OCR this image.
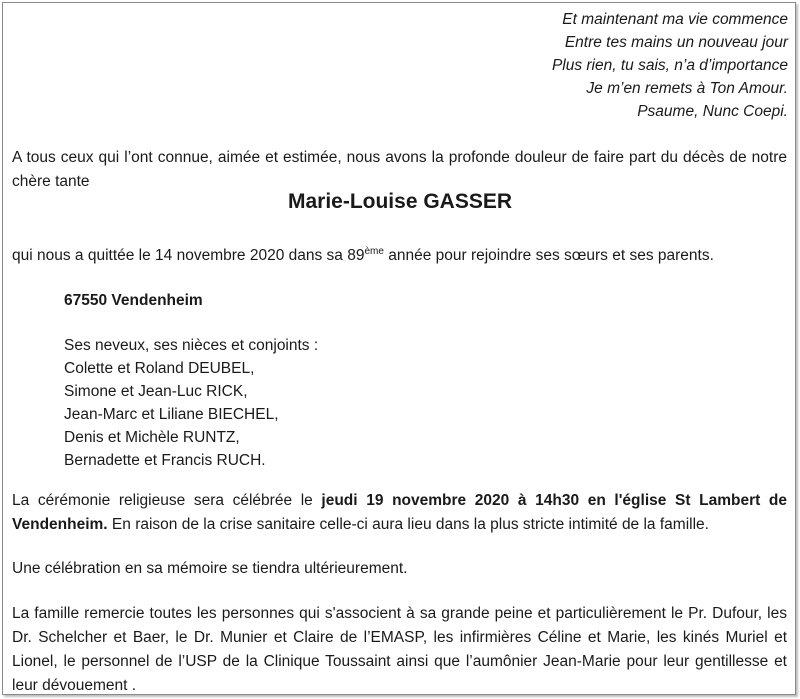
Et maintenant ma vie commence
Entre tes mains un nouveau jour
Plus rien, tu sais, n’a d’importance
Je m’en remets à Ton Amour.
Psaume, Nunc Coepi.
A tous ceux qui l’ont connue, aimée et estimée, nous avons la profonde douleur de faire part du décès de notre chère tante
Marie-Louise GASSER
qui nous a quittée le 14 novembre 2020 dans sa 89ème année pour rejoindre ses sœurs et ses parents.
67550 Vendenheim
Ses neveux, ses nièces et conjoints :
Colette et Roland DEUBEL,
Simone et Jean-Luc RICK,
Jean-Marc et Liliane BIECHEL,
Denis et Michèle RUNTZ,
Bernadette et Francis RUCH.
La cérémonie religieuse sera célébrée le jeudi 19 novembre 2020 à 14h30 en l'église St Lambert de Vendenheim. En raison de la crise sanitaire celle-ci aura lieu dans la plus stricte intimité de la famille.
Une célébration en sa mémoire se tiendra ultérieurement.
La famille remercie toutes les personnes qui s'associent à sa grande peine et particulièrement le Pr. Dufour, les Dr. Schelcher et Baer, le Dr. Munier et Claire de l’EMASP, les infirmières Céline et Marie, les kinés Muriel et Lionel, le personnel de l’USP de la Clinique Toussaint ainsi que l’aumônier Jean-Marie pour leur gentillesse et leur dévouement .
